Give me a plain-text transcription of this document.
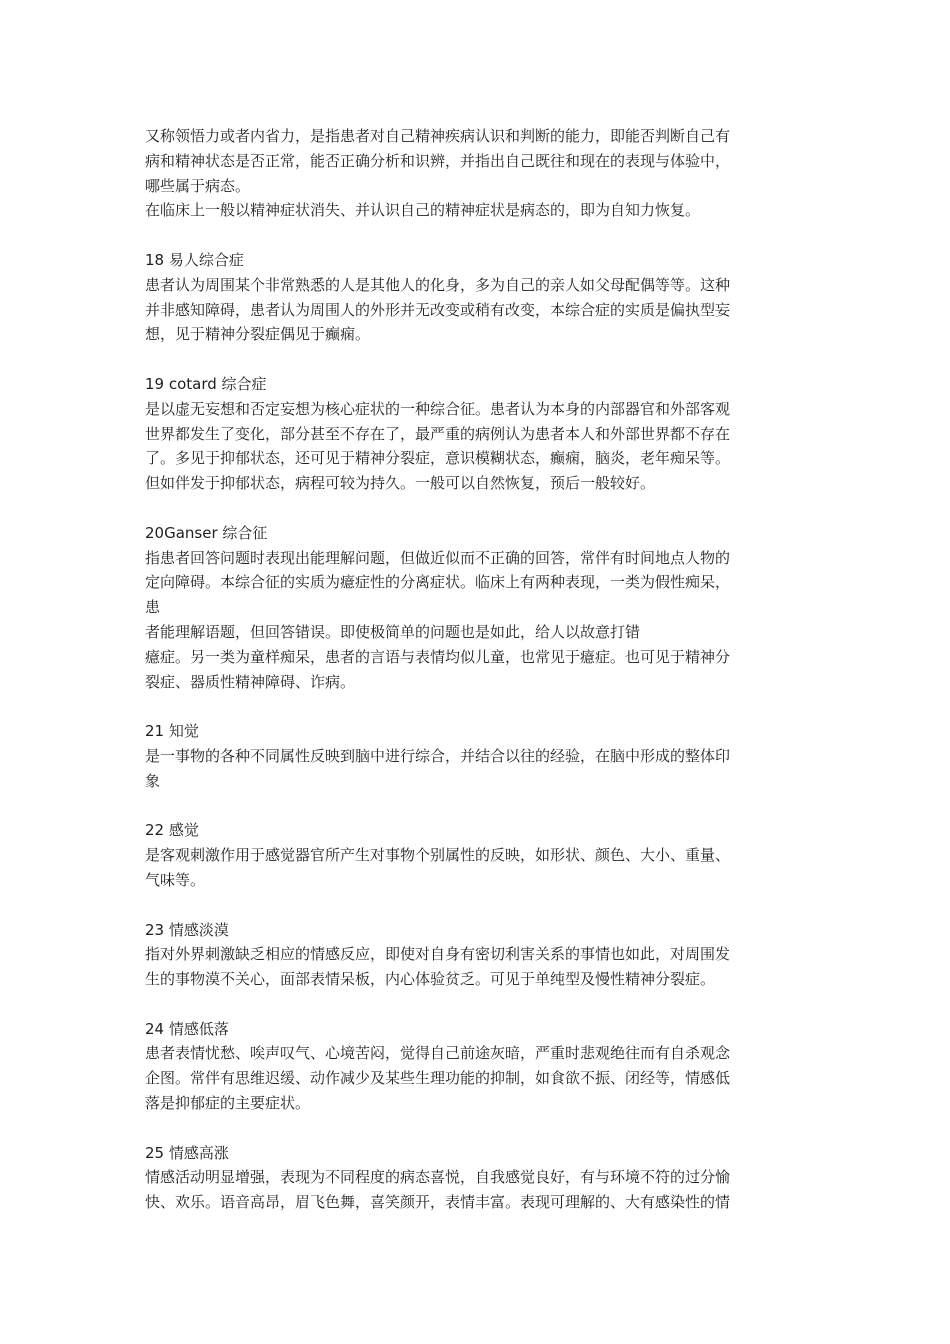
又称领悟力或者内省力，是指患者对自己精神疾病认识和判断的能力，即能否判断自己有
病和精神状态是否正常，能否正确分析和识辨，并指出自己既往和现在的表现与体验中，
哪些属于病态。
在临床上一般以精神症状消失、并认识自己的精神症状是病态的，即为自知力恢复。
18 易人综合症
患者认为周围某个非常熟悉的人是其他人的化身，多为自己的亲人如父母配偶等等。这种
并非感知障碍，患者认为周围人的外形并无改变或稍有改变，本综合症的实质是偏执型妄
想，见于精神分裂症偶见于癫痫。
19 cotard 综合症
是以虚无妄想和否定妄想为核心症状的一种综合征。患者认为本身的内部器官和外部客观
世界都发生了变化，部分甚至不存在了，最严重的病例认为患者本人和外部世界都不存在
了。多见于抑郁状态，还可见于精神分裂症，意识模糊状态，癫痫，脑炎，老年痴呆等。
但如伴发于抑郁状态，病程可较为持久。一般可以自然恢复，预后一般较好。
20Ganser 综合征
指患者回答问题时表现出能理解问题，但做近似而不正确的回答，常伴有时间地点人物的
定向障碍。本综合征的实质为癔症性的分离症状。临床上有两种表现，一类为假性痴呆，
患
者能理解语题，但回答错误。即使极简单的问题也是如此，给人以故意打错
癔症。另一类为童样痴呆，患者的言语与表情均似儿童，也常见于癔症。也可见于精神分
裂症、器质性精神障碍、诈病。
21 知觉
是一事物的各种不同属性反映到脑中进行综合，并结合以往的经验，在脑中形成的整体印
象
22 感觉
是客观刺激作用于感觉器官所产生对事物个别属性的反映，如形状、颜色、大小、重量、
气味等。
23 情感淡漠
指对外界刺激缺乏相应的情感反应，即使对自身有密切利害关系的事情也如此，对周围发
生的事物漠不关心，面部表情呆板，内心体验贫乏。可见于单纯型及慢性精神分裂症。
24 情感低落
患者表情忧愁、唉声叹气、心境苦闷，觉得自己前途灰暗，严重时悲观绝往而有自杀观念
企图。常伴有思维迟缓、动作减少及某些生理功能的抑制，如食欲不振、闭经等，情感低
落是抑郁症的主要症状。
25 情感高涨
情感活动明显增强，表现为不同程度的病态喜悦，自我感觉良好，有与环境不符的过分愉
快、欢乐。语音高昂，眉飞色舞，喜笑颜开，表情丰富。表现可理解的、大有感染性的情
